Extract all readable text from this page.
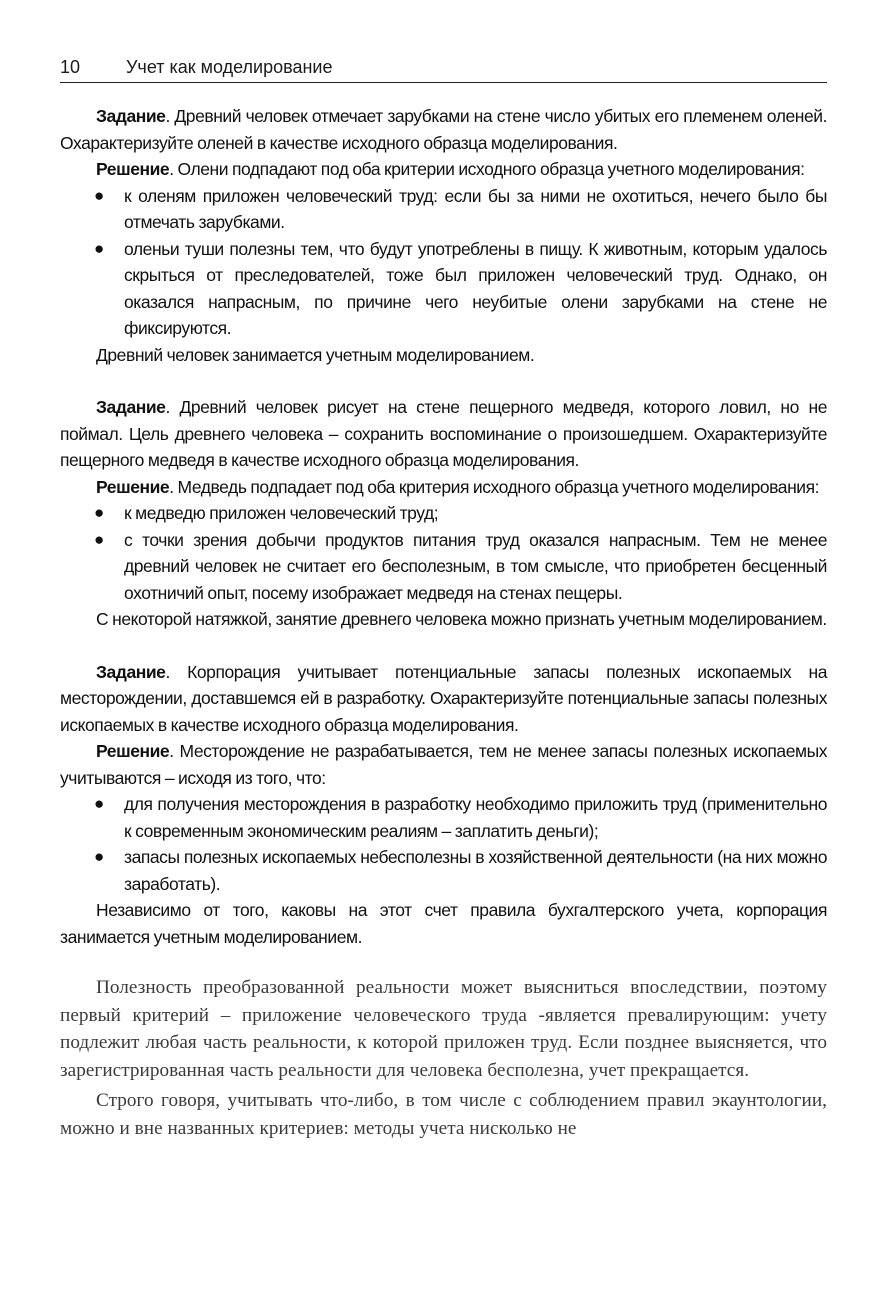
10	Учет как моделирование

Задание. Древний человек отмечает зарубками на стене число убитых его племенем оленей. Охарактеризуйте оленей в качестве исходного образца моделирования.

Решение. Олени подпадают под оба критерии исходного образца учетного моделирования:

● к оленям приложен человеческий труд: если бы за ними не охотиться, нечего было бы отмечать зарубками.
● оленьи туши полезны тем, что будут употреблены в пищу. К животным, которым удалось скрыться от преследователей, тоже был приложен человеческий труд. Однако, он оказался напрасным, по причине чего неубитые олени зарубками на стене не фиксируются.

Древний человек занимается учетным моделированием.

Задание. Древний человек рисует на стене пещерного медведя, которого ловил, но не поймал. Цель древнего человека – сохранить воспоминание о произошедшем. Охарактеризуйте пещерного медведя в качестве исходного образца моделирования.

Решение. Медведь подпадает под оба критерия исходного образца учетного моделирования:

● к медведю приложен человеческий труд;
● с точки зрения добычи продуктов питания труд оказался напрасным. Тем не менее древний человек не считает его бесполезным, в том смысле, что приобретен бесценный охотничий опыт, посему изображает медведя на стенах пещеры.

С некоторой натяжкой, занятие древнего человека можно признать учетным моделированием.

Задание. Корпорация учитывает потенциальные запасы полезных ископаемых на месторождении, доставшемся ей в разработку. Охарактеризуйте потенциальные запасы полезных ископаемых в качестве исходного образца моделирования.

Решение. Месторождение не разрабатывается, тем не менее запасы полезных ископаемых учитываются – исходя из того, что:

● для получения месторождения в разработку необходимо приложить труд (применительно к современным экономическим реалиям – заплатить деньги);
● запасы полезных ископаемых небесполезны в хозяйственной деятельности (на них можно заработать).

Независимо от того, каковы на этот счет правила бухгалтерского учета, корпорация занимается учетным моделированием.

Полезность преобразованной реальности может выясниться впоследствии, поэтому первый критерий – приложение человеческого труда -является превалирующим: учету подлежит любая часть реальности, к которой приложен труд. Если позднее выясняется, что зарегистрированная часть реальности для человека бесполезна, учет прекращается.

Строго говоря, учитывать что-либо, в том числе с соблюдением правил экаунтологии, можно и вне названных критериев: методы учета нисколько не
